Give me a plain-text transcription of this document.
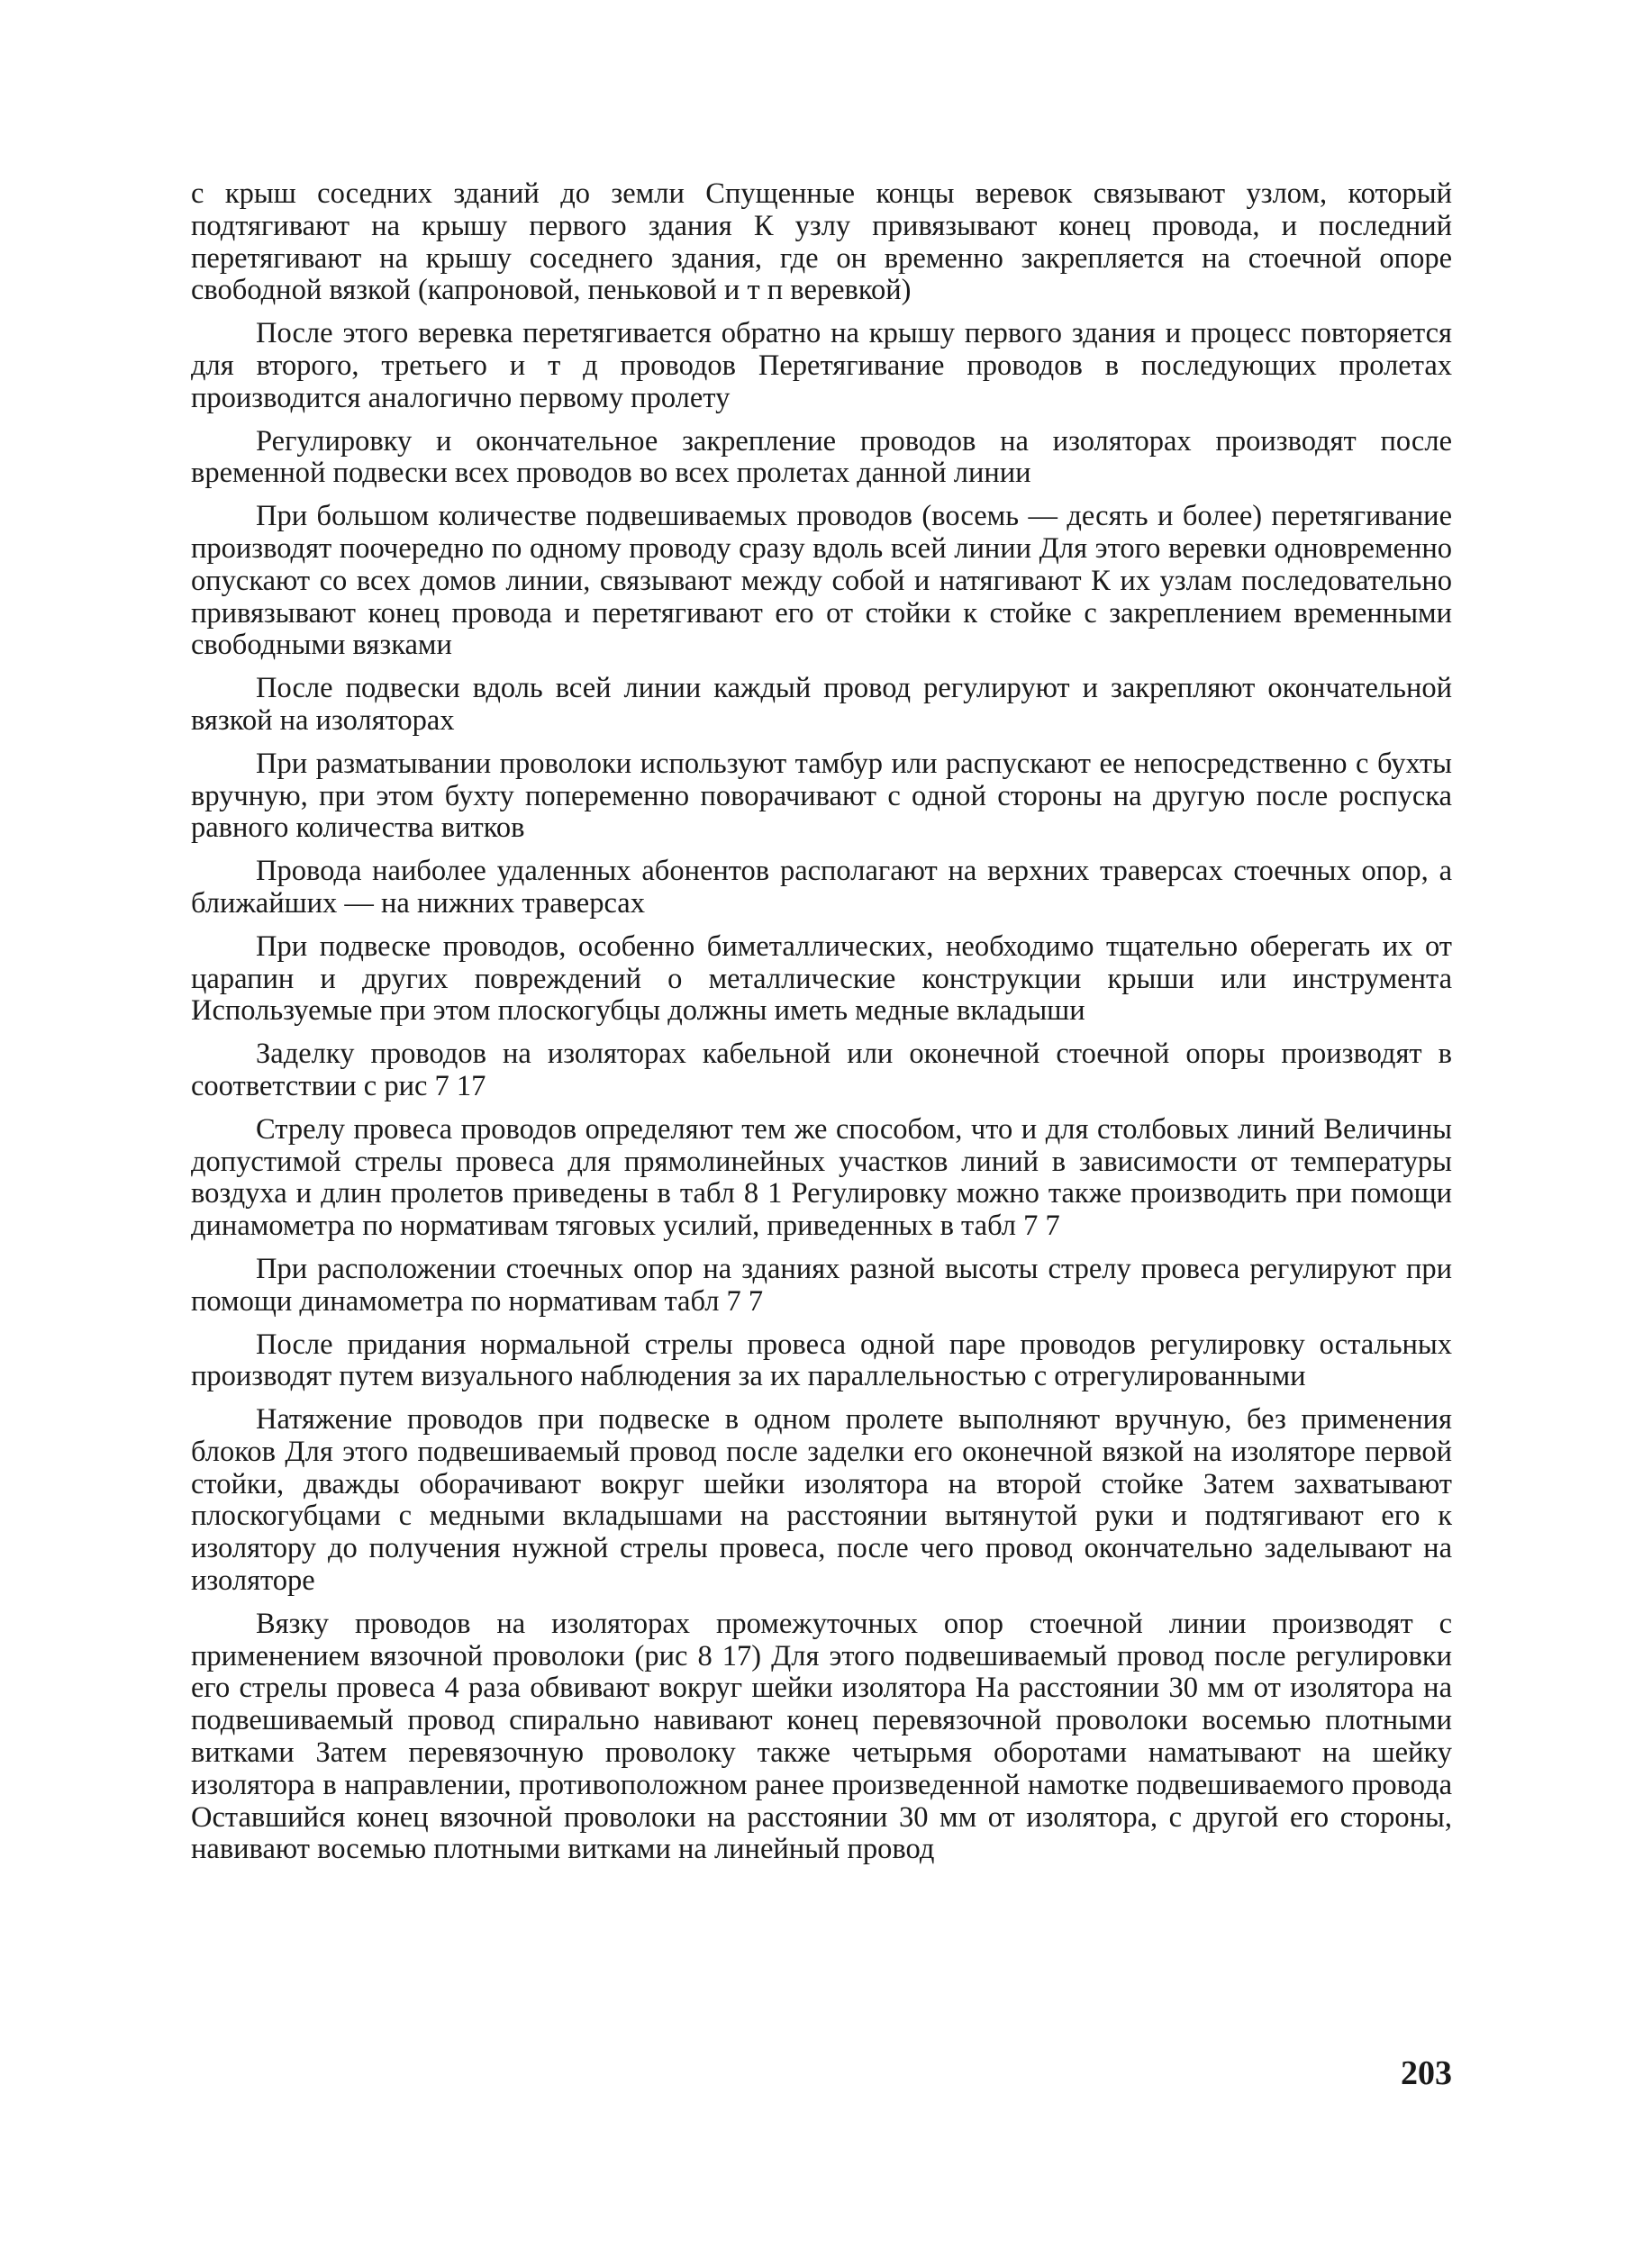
с крыш соседних зданий до земли Спущенные концы веревок связывают узлом, который подтягивают на крышу первого здания К узлу привязывают конец провода, и последний перетягивают на крышу соседнего здания, где он временно закрепляется на стоечной опоре свободной вязкой (капроновой, пеньковой и т п веревкой)

После этого веревка перетягивается обратно на крышу первого здания и процесс повторяется для второго, третьего и т д проводов Перетягивание проводов в последующих пролетах производится аналогично первому пролету

Регулировку и окончательное закрепление проводов на изоляторах производят после временной подвески всех проводов во всех пролетах данной линии

При большом количестве подвешиваемых проводов (восемь — десять и более) перетягивание производят поочередно по одному проводу сразу вдоль всей линии Для этого веревки одновременно опускают со всех домов линии, связывают между собой и натягивают К их узлам последовательно привязывают конец провода и перетягивают его от стойки к стойке с закреплением временными свободными вязками

После подвески вдоль всей линии каждый провод регулируют и закрепляют окончательной вязкой на изоляторах

При разматывании проволоки используют тамбур или распускают ее непосредственно с бухты вручную, при этом бухту попеременно поворачивают с одной стороны на другую после роспуска равного количества витков

Провода наиболее удаленных абонентов располагают на верхних траверсах стоечных опор, а ближайших — на нижних траверсах

При подвеске проводов, особенно биметаллических, необходимо тщательно оберегать их от царапин и других повреждений о металлические конструкции крыши или инструмента Используемые при этом плоскогубцы должны иметь медные вкладыши

Заделку проводов на изоляторах кабельной или оконечной стоечной опоры производят в соответствии с рис 7 17

Стрелу провеса проводов определяют тем же способом, что и для столбовых линий Величины допустимой стрелы провеса для прямолинейных участков линий в зависимости от температуры воздуха и длин пролетов приведены в табл 8 1 Регулировку можно также производить при помощи динамометра по нормативам тяговых усилий, приведенных в табл 7 7

При расположении стоечных опор на зданиях разной высоты стрелу провеса регулируют при помощи динамометра по нормативам табл 7 7

После придания нормальной стрелы провеса одной паре проводов регулировку остальных производят путем визуального наблюдения за их параллельностью с отрегулированными

Натяжение проводов при подвеске в одном пролете выполняют вручную, без применения блоков Для этого подвешиваемый провод после заделки его оконечной вязкой на изоляторе первой стойки, дважды оборачивают вокруг шейки изолятора на второй стойке Затем захватывают плоскогубцами с медными вкладышами на расстоянии вытянутой руки и подтягивают его к изолятору до получения нужной стрелы провеса, после чего провод окончательно заделывают на изоляторе

Вязку проводов на изоляторах промежуточных опор стоечной линии производят с применением вязочной проволоки (рис 8 17) Для этого подвешиваемый провод после регулировки его стрелы провеса 4 раза обвивают вокруг шейки изолятора На расстоянии 30 мм от изолятора на подвешиваемый провод спирально навивают конец перевязочной проволоки восемью плотными витками Затем перевязочную проволоку также четырьмя оборотами наматывают на шейку изолятора в направлении, противоположном ранее произведенной намотке подвешиваемого провода Оставшийся конец вязочной проволоки на расстоянии 30 мм от изолятора, с другой его стороны, навивают восемью плотными витками на линейный провод

203
